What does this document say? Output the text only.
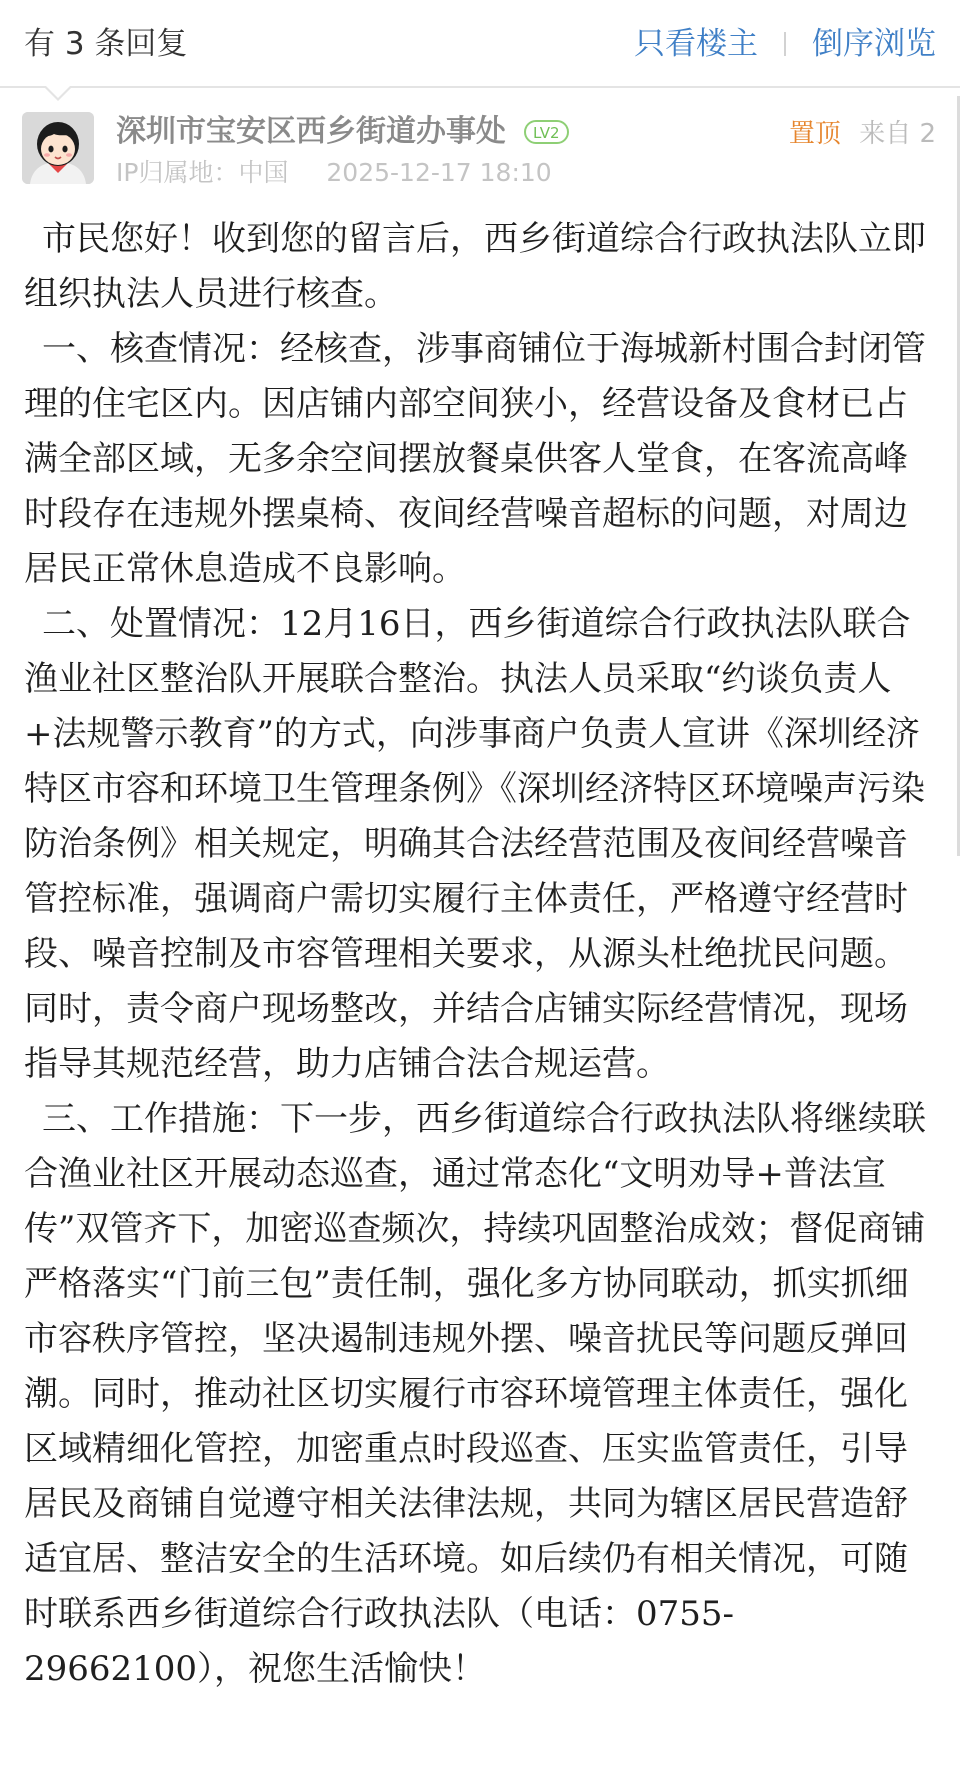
有 3 条回复	只看楼主 倒序浏览
深圳市宝安区西乡街道办事处	LV2
IP归属地：中国 2025-12-17 18:10
置顶 来自 2

市民您好！收到您的留言后，西乡街道综合行政执法队立即组织执法人员进行核查。

一、核查情况：经核查，涉事商铺位于海城新村围合封闭管理的住宅区内。因店铺内部空间狭小，经营设备及食材已占满全部区域，无多余空间摆放餐桌供客人堂食，在客流高峰时段存在违规外摆桌椅、夜间经营噪音超标的问题，对周边居民正常休息造成不良影响。

二、处置情况：12月16日，西乡街道综合行政执法队联合渔业社区整治队开展联合整治。执法人员采取“约谈负责人+法规警示教育”的方式，向涉事商户负责人宣讲《深圳经济特区市容和环境卫生管理条例》《深圳经济特区环境噪声污染防治条例》相关规定，明确其合法经营范围及夜间经营噪音管控标准，强调商户需切实履行主体责任，严格遵守经营时段、噪音控制及市容管理相关要求，从源头杜绝扰民问题。同时，责令商户现场整改，并结合店铺实际经营情况，现场指导其规范经营，助力店铺合法合规运营。

三、工作措施：下一步，西乡街道综合行政执法队将继续联合渔业社区开展动态巡查，通过常态化“文明劝导+普法宣传”双管齐下，加密巡查频次，持续巩固整治成效；督促商铺严格落实“门前三包”责任制，强化多方协同联动，抓实抓细市容秩序管控，坚决遏制违规外摆、噪音扰民等问题反弹回潮。同时，推动社区切实履行市容环境管理主体责任，强化区域精细化管控，加密重点时段巡查、压实监管责任，引导居民及商铺自觉遵守相关法律法规，共同为辖区居民营造舒适宜居、整洁安全的生活环境。如后续仍有相关情况，可随时联系西乡街道综合行政执法队（电话：0755-29662100），祝您生活愉快！
